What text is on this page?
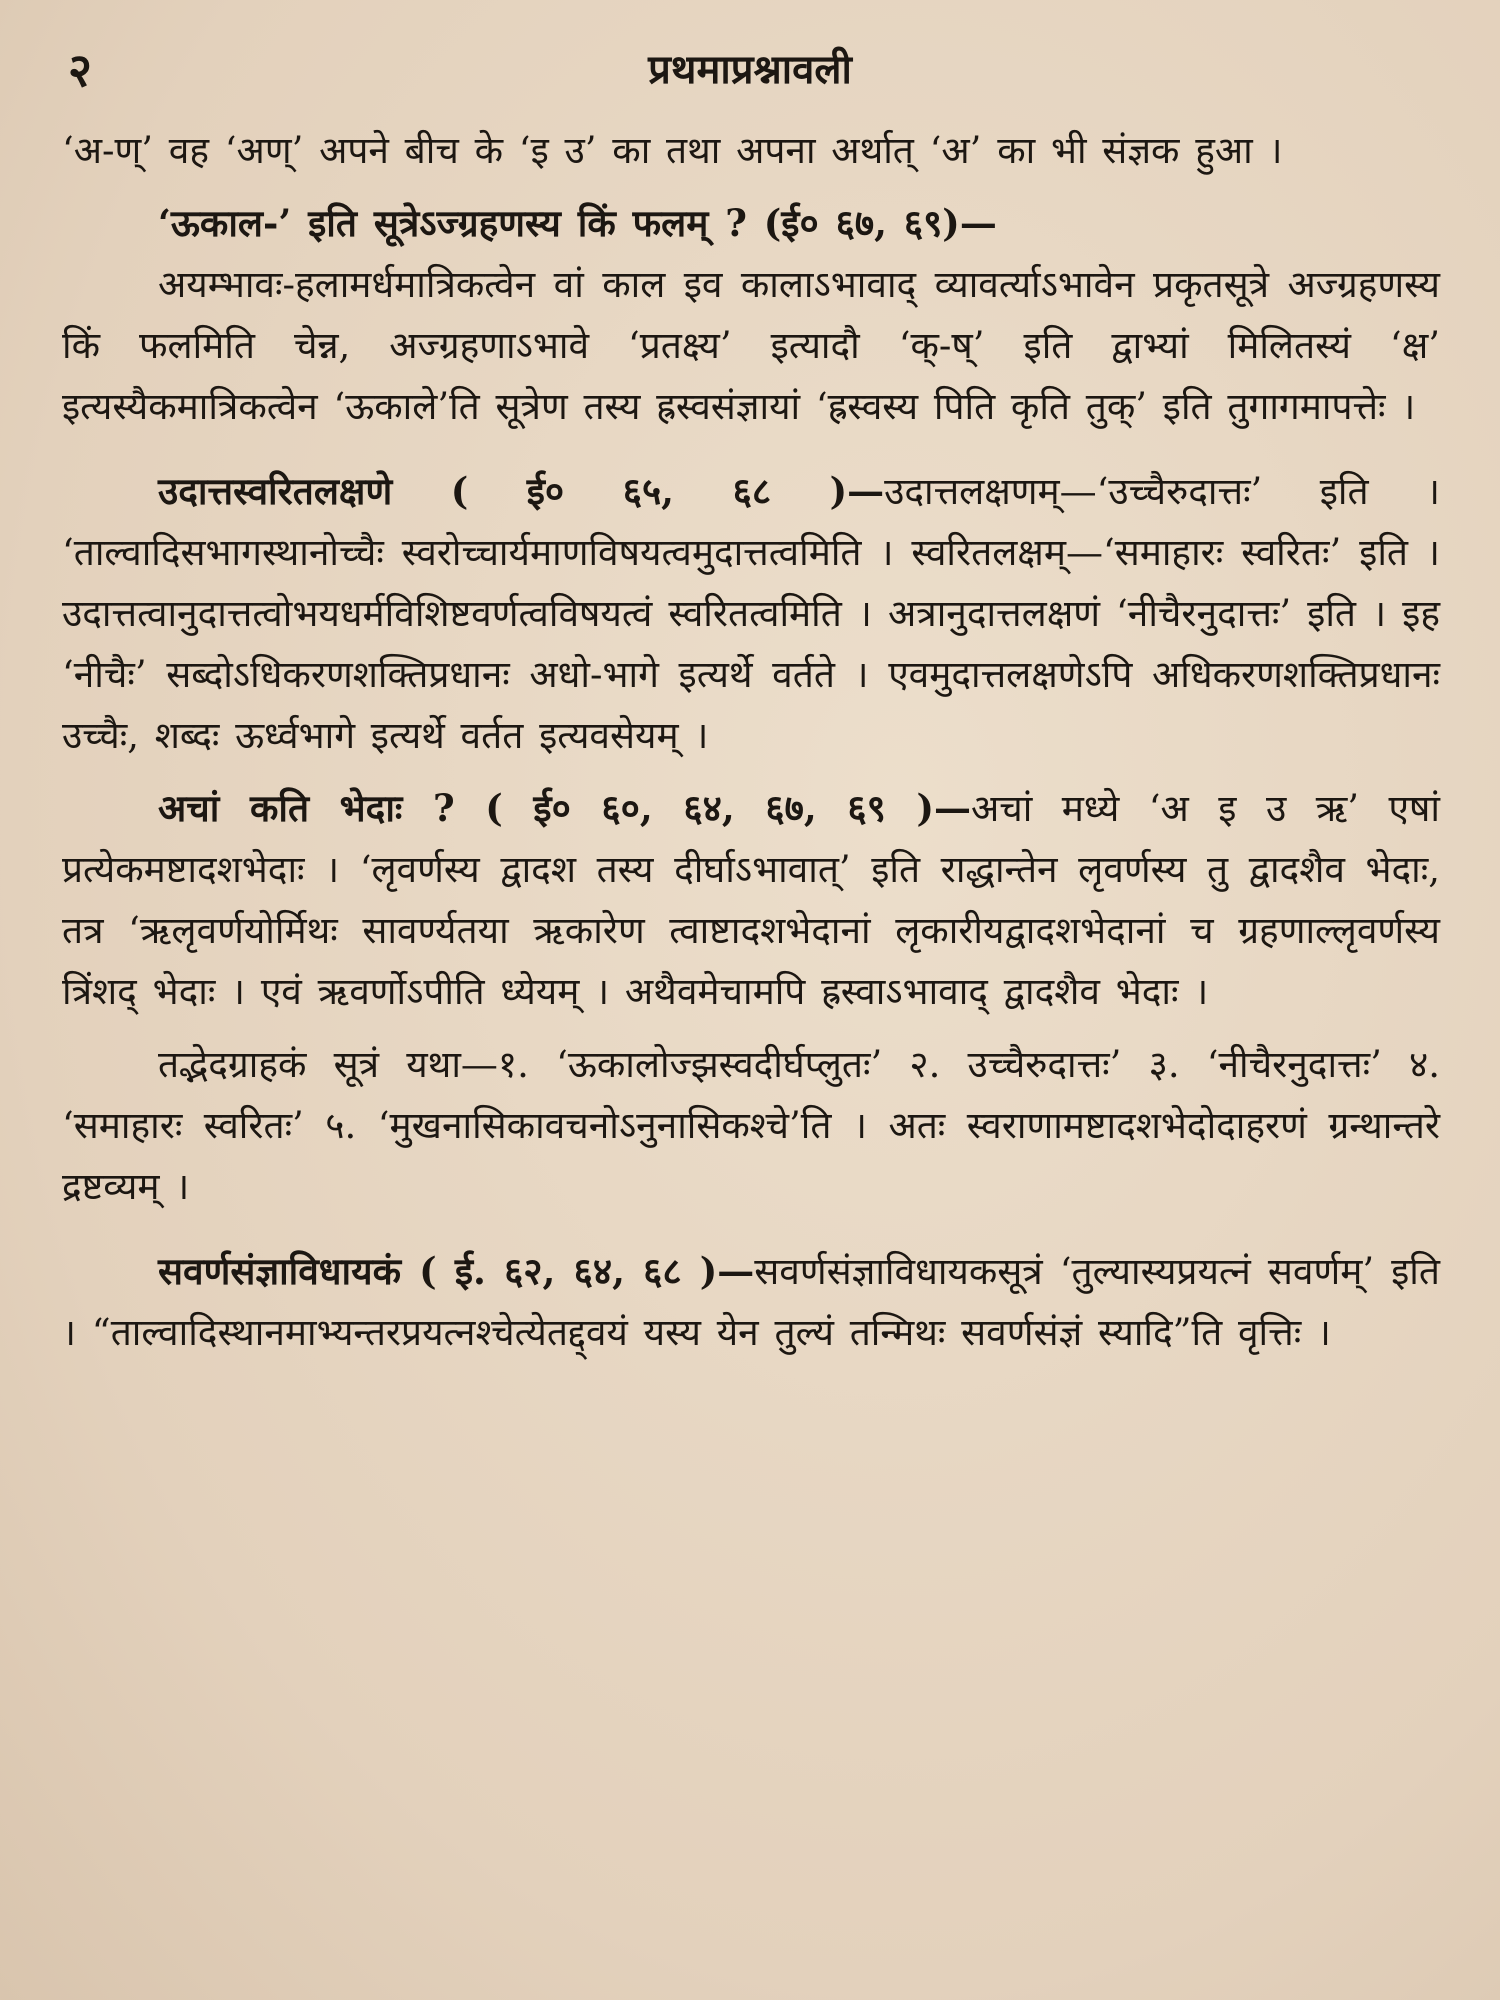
२	प्रथमाप्रश्नावली

‘अ-ण्’ वह ‘अण्’ अपने बीच के ‘इ उ’ का तथा अपना अर्थात् ‘अ’ का भी संज्ञक हुआ ।

‘ऊकाल-’ इति सूत्रेऽज्ग्रहणस्य किं फलम् ? (ई० ६७, ६९)—

अयम्भावः-हलामर्धमात्रिकत्वेन वां काल इव कालाऽभावाद् व्यावर्त्याऽभावेन प्रकृतसूत्रे अज्ग्रहणस्य किं फलमिति चेन्न, अज्ग्रहणाऽभावे ‘प्रतक्ष्य’ इत्यादौ ‘क्-ष्’ इति द्वाभ्यां मिलितस्यं ‘क्ष’ इत्यस्यैकमात्रिकत्वेन ‘ऊकाले’ति सूत्रेण तस्य ह्रस्वसंज्ञायां ‘ह्रस्वस्य पिति कृति तुक्’ इति तुगागमापत्तेः ।

उदात्तस्वरितलक्षणे ( ई० ६५, ६८ )—उदात्तलक्षणम्—‘उच्चैरुदात्तः’ इति । ‘ताल्वादिसभागस्थानोच्चैः स्वरोच्चार्यमाणविषयत्वमुदात्तत्वमिति । स्वरितलक्षम्—‘समाहारः स्वरितः’ इति । उदात्तत्वानुदात्तत्वोभयधर्मविशिष्टवर्णत्वविषयत्वं स्वरितत्वमिति । अत्रानुदात्तलक्षणं ‘नीचैरनुदात्तः’ इति । इह ‘नीचैः’ सब्दोऽधिकरणशक्तिप्रधानः अधो-भागे इत्यर्थे वर्तते । एवमुदात्तलक्षणेऽपि अधिकरणशक्तिप्रधानः उच्चैः, शब्दः ऊर्ध्वभागे इत्यर्थे वर्तत इत्यवसेयम् ।

अचां कति भेदाः ? ( ई० ६०, ६४, ६७, ६९ )—अचां मध्ये ‘अ इ उ ऋ’ एषां प्रत्येकमष्टादशभेदाः । ‘लृवर्णस्य द्वादश तस्य दीर्घाऽभावात्’ इति राद्धान्तेन लृवर्णस्य तु द्वादशैव भेदाः, तत्र ‘ऋलृवर्णयोर्मिथः सावर्ण्यतया ऋकारेण त्वाष्टादशभेदानां लृकारीयद्वादशभेदानां च ग्रहणाल्लृवर्णस्य त्रिंशद् भेदाः । एवं ऋवर्णोऽपीति ध्येयम् । अथैवमेचामपि ह्रस्वाऽभावाद् द्वादशैव भेदाः ।

तद्भेदग्राहकं सूत्रं यथा—१. ‘ऊकालोज्झस्वदीर्घप्लुतः’ २. उच्चैरुदात्तः’ ३. ‘नीचैरनुदात्तः’ ४. ‘समाहारः स्वरितः’ ५. ‘मुखनासिकावचनोऽनुनासिकश्चे’ति । अतः स्वराणामष्टादशभेदोदाहरणं ग्रन्थान्तरे द्रष्टव्यम् ।

सवर्णसंज्ञाविधायकं ( ई. ६२, ६४, ६८ )—सवर्णसंज्ञाविधायकसूत्रं ‘तुल्यास्यप्रयत्नं सवर्णम्’ इति । “ताल्वादिस्थानमाभ्यन्तरप्रयत्नश्चेत्येतद्द्वयं यस्य येन तुल्यं तन्मिथः सवर्णसंज्ञं स्यादि”ति वृत्तिः ।
